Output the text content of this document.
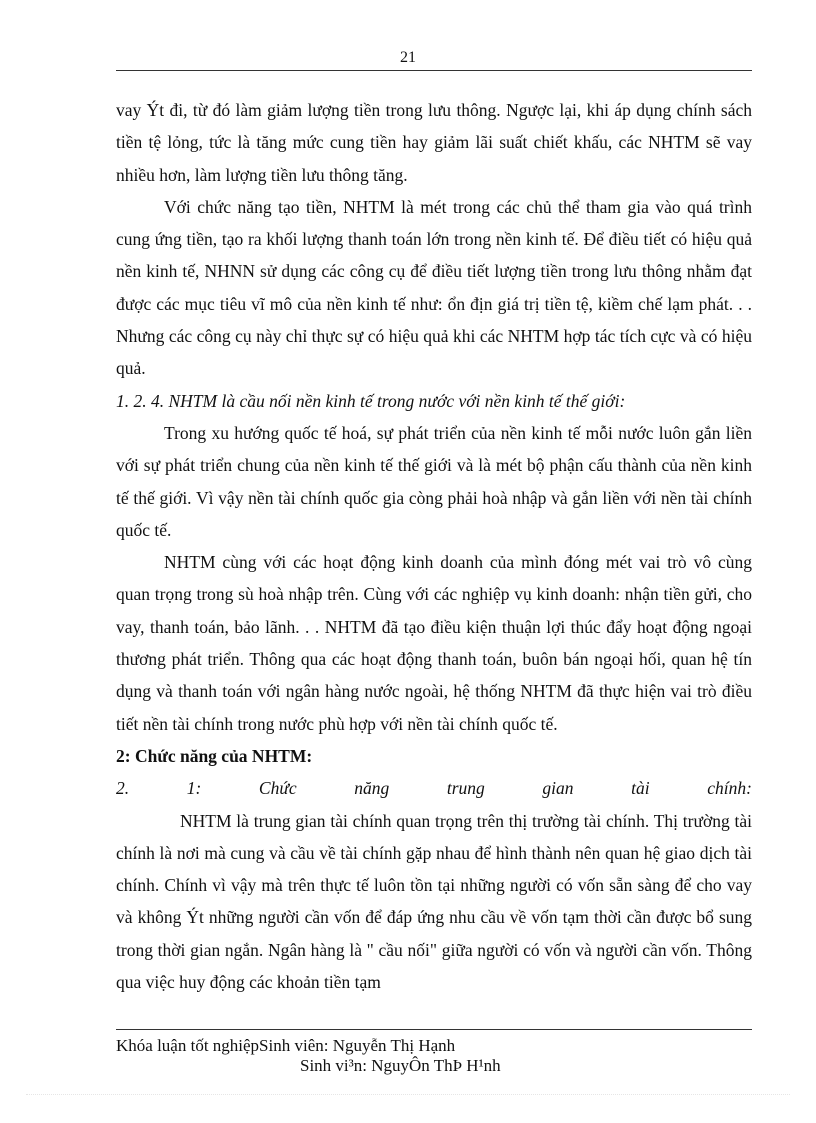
21

vay Ýt đi, từ đó làm giảm lượng tiền trong lưu thông. Ngược lại, khi áp dụng chính sách tiền tệ lỏng, tức là tăng mức cung tiền hay giảm lãi suất chiết khấu, các NHTM sẽ vay nhiều hơn, làm lượng tiền lưu thông tăng.

Với chức năng tạo tiền, NHTM là mét trong các chủ thể tham gia vào quá trình cung ứng tiền, tạo ra khối lượng thanh toán lớn trong nền kinh tế. Để điều tiết có hiệu quả nền kinh tế, NHNN sử dụng các công cụ để điều tiết lượng tiền trong lưu thông nhằm đạt được các mục tiêu vĩ mô của nền kinh tế như: ổn địn giá trị tiền tệ, kiềm chế lạm phát. . . Nhưng các công cụ này chỉ thực sự có hiệu quả khi các NHTM hợp tác tích cực và có hiệu quả.

1. 2. 4. NHTM là cầu nối nền kinh tế trong nước với nền kinh tế thế giới:

Trong xu hướng quốc tế hoá, sự phát triển của nền kinh tế mỗi nước luôn gắn liền với sự phát triển chung của nền kinh tế thế giới và là mét bộ phận cấu thành của nền kinh tế thế giới. Vì vậy nền tài chính quốc gia còng phải hoà nhập và gắn liền với nền tài chính quốc tế.

NHTM cùng với các hoạt động kinh doanh của mình đóng mét vai trò vô cùng quan trọng trong sù hoà nhập trên. Cùng với các nghiệp vụ kinh doanh: nhận tiền gửi, cho vay, thanh toán, bảo lãnh. . . NHTM đã tạo điều kiện thuận lợi thúc đẩy hoạt động ngoại thương phát triển. Thông qua các hoạt động thanh toán, buôn bán ngoại hối, quan hệ tín dụng và thanh toán với ngân hàng nước ngoài, hệ thống NHTM đã thực hiện vai trò điều tiết nền tài chính trong nước phù hợp với nền tài chính quốc tế.

2: Chức năng của NHTM:

2.	1:	Chức	năng	trung	gian	tài	chính:

NHTM là trung gian tài chính quan trọng trên thị trường tài chính. Thị trường tài chính là nơi mà cung và cầu về tài chính gặp nhau để hình thành nên quan hệ giao dịch tài chính. Chính vì vậy mà trên thực tế luôn tồn tại những người có vốn sẵn sàng để cho vay và không Ýt những người cần vốn để đáp ứng nhu cầu về vốn tạm thời cần được bổ sung trong thời gian ngắn. Ngân hàng là " cầu nối" giữa người có vốn và người cần vốn. Thông qua việc huy động các khoản tiền tạm

Khóa luận tốt nghiệpSinh viên: Nguyễn Thị Hạnh
Sinh vi³n: NguyÔn ThÞ H¹nh
